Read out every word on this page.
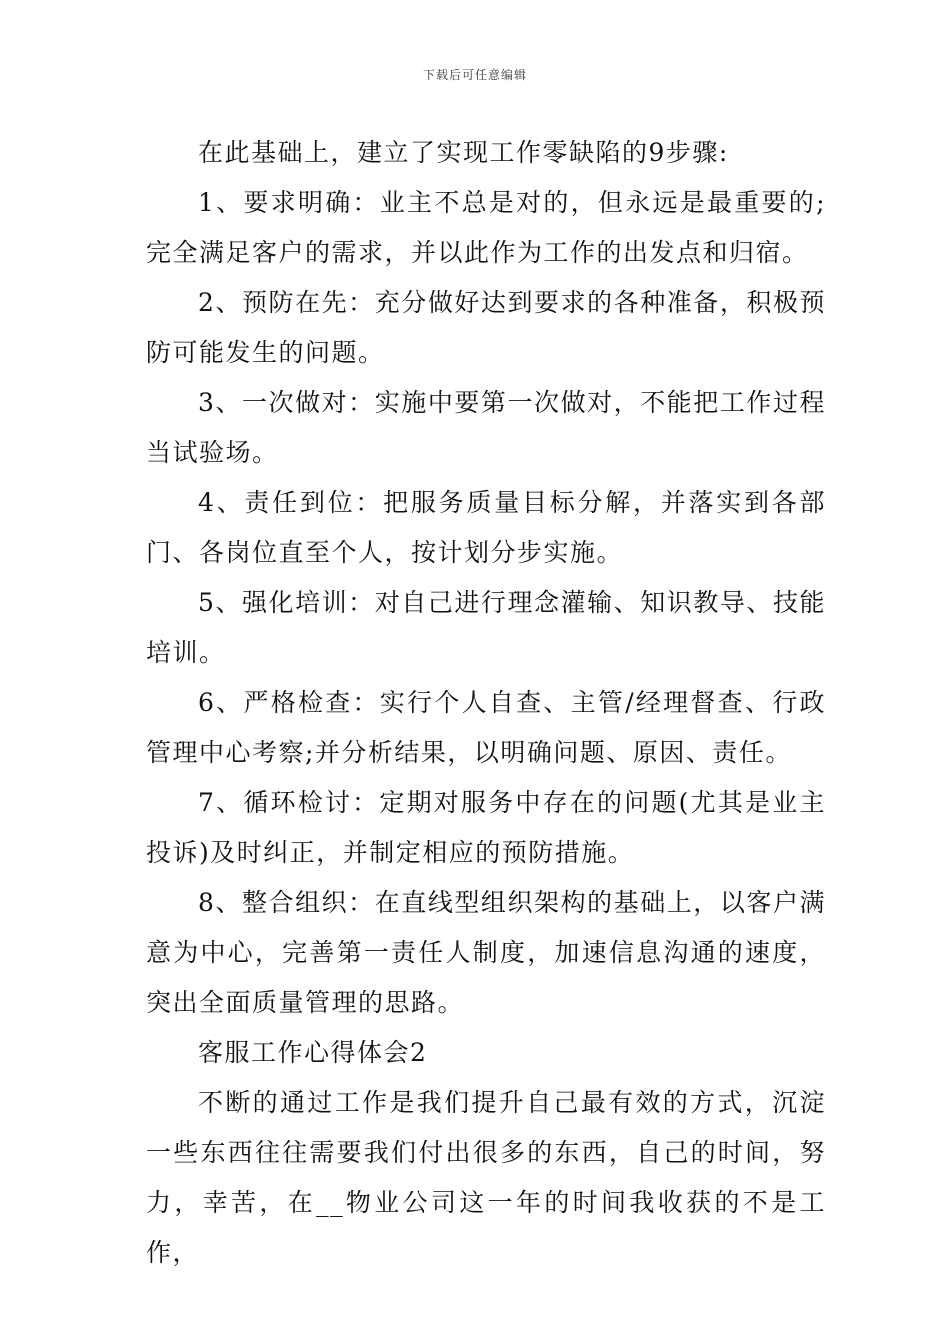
下载后可任意编辑

在此基础上，建立了实现工作零缺陷的9步骤:

1、要求明确：业主不总是对的，但永远是最重要的;完全满足客户的需求，并以此作为工作的出发点和归宿。

2、预防在先：充分做好达到要求的各种准备，积极预防可能发生的问题。

3、一次做对：实施中要第一次做对，不能把工作过程当试验场。

4、责任到位：把服务质量目标分解，并落实到各部门、各岗位直至个人，按计划分步实施。

5、强化培训：对自己进行理念灌输、知识教导、技能培训。

6、严格检查：实行个人自查、主管/经理督查、行政管理中心考察;并分析结果，以明确问题、原因、责任。

7、循环检讨：定期对服务中存在的问题(尤其是业主投诉)及时纠正，并制定相应的预防措施。

8、整合组织：在直线型组织架构的基础上，以客户满意为中心，完善第一责任人制度，加速信息沟通的速度，突出全面质量管理的思路。

客服工作心得体会2

不断的通过工作是我们提升自己最有效的方式，沉淀一些东西往往需要我们付出很多的东西，自己的时间，努力，幸苦，在__物业公司这一年的时间我收获的不是工作，
